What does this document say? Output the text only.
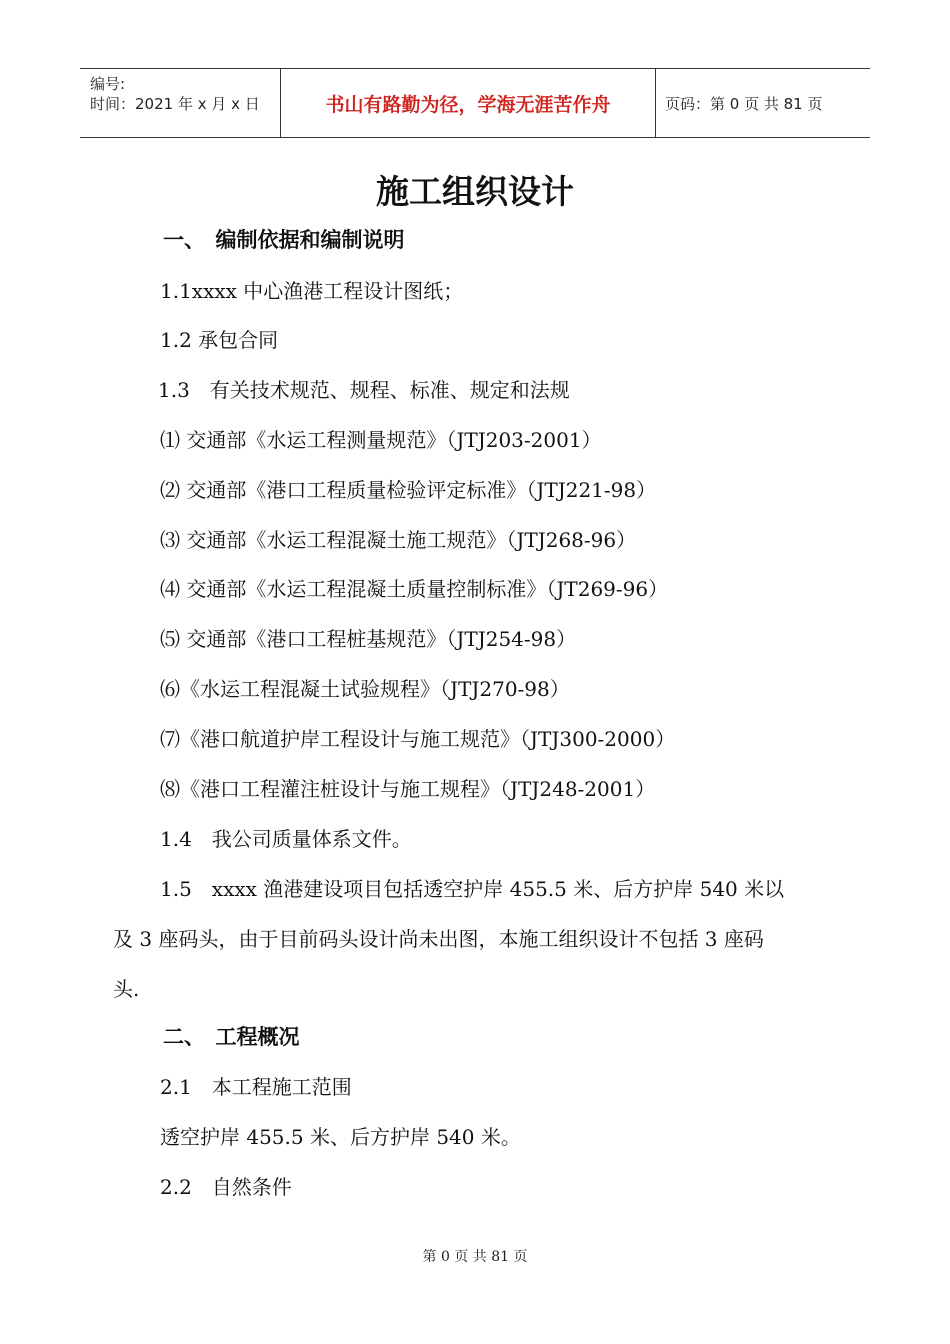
编号:
时间：2021 年 x 月 x 日	书山有路勤为径，学海无涯苦作舟	页码：第 0 页 共 81 页
施工组织设计
一、　编制依据和编制说明
1.1xxxx 中心渔港工程设计图纸；
1.2 承包合同
1.3　有关技术规范、规程、标准、规定和法规
⑴ 交通部《水运工程测量规范》（JTJ203-2001）
⑵ 交通部《港口工程质量检验评定标准》（JTJ221-98）
⑶ 交通部《水运工程混凝土施工规范》（JTJ268-96）
⑷ 交通部《水运工程混凝土质量控制标准》（JT269-96）
⑸ 交通部《港口工程桩基规范》（JTJ254-98）
⑹《水运工程混凝土试验规程》（JTJ270-98）
⑺《港口航道护岸工程设计与施工规范》（JTJ300-2000）
⑻《港口工程灌注桩设计与施工规程》（JTJ248-2001）
1.4　我公司质量体系文件。
1.5　xxxx 渔港建设项目包括透空护岸 455.5 米、后方护岸 540 米以
及 3 座码头，由于目前码头设计尚未出图，本施工组织设计不包括 3 座码
头.
二、　工程概况
2.1　本工程施工范围
透空护岸 455.5 米、后方护岸 540 米。
2.2　自然条件
第 0 页 共 81 页
